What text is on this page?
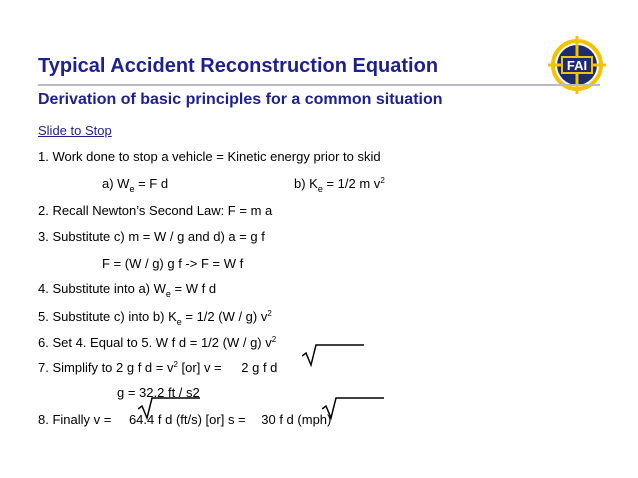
Typical Accident Reconstruction Equation	FAI
Derivation of basic principles for a common situation
Slide to Stop
1. Work done to stop a vehicle = Kinetic energy prior to skid
a) $W_e = F$ d	b) $K_e = 1/2$ m $v^2$
2. Recall Newton’s Second Law: F = m a
3. Substitute c) m = W / g and d) a = g f
F = (W / g) g f -> F = W f
4. Substitute into a) $W_e = W$ f d
5. Substitute c) into b) $K_e = 1/2$ (W / g) $v^2$
6. Set 4. Equal to 5. W f d = 1/2 (W / g) $v^2$
7. Simplify to 2 g f $d = v^2$ [or] v = 2 g f d
g = 32.2 ft / s2
8. Finally v = 64.4 f d (ft/s) [or] s = 30 f d (mph)
